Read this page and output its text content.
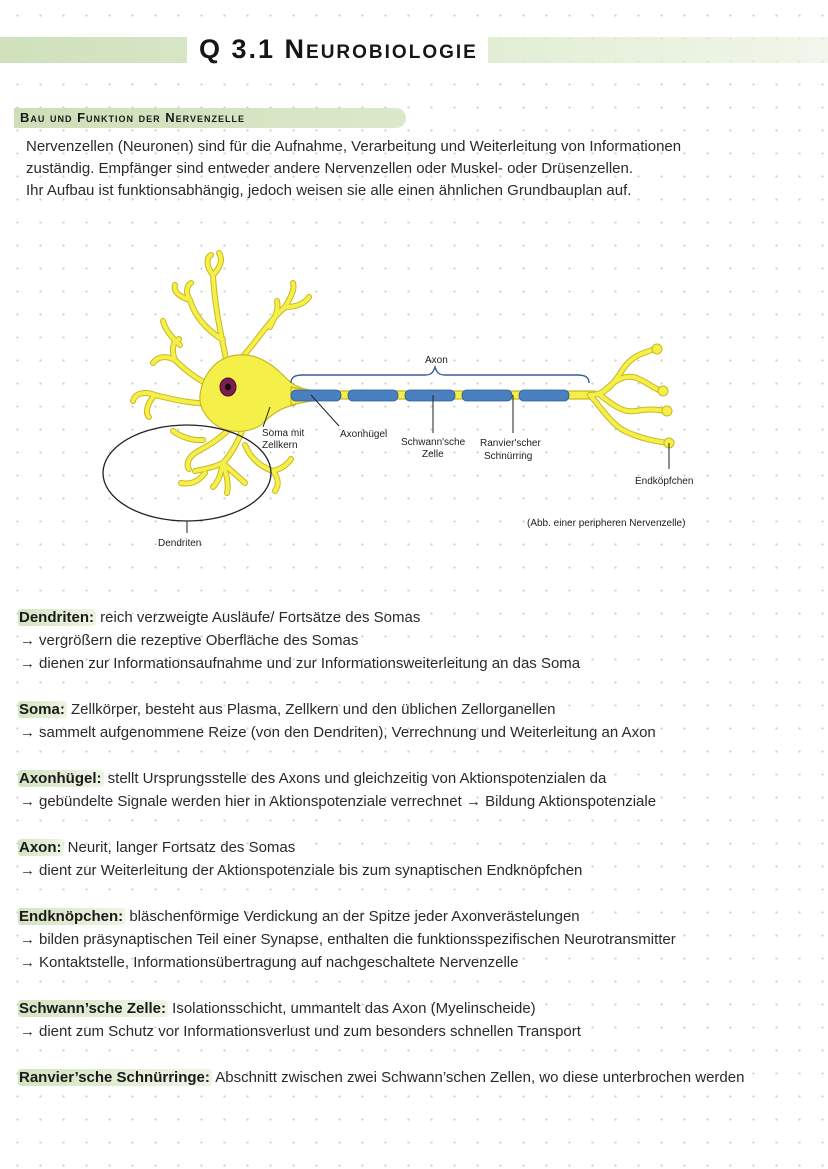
Q 3.1 Neurobiologie
Bau und Funktion der Nervenzelle

Nervenzellen (Neuronen) sind für die Aufnahme, Verarbeitung und Weiterleitung von Informationen

zuständig. Empfänger sind entweder andere Nervenzellen oder Muskel- oder Drüsenzellen.

Ihr Aufbau ist funktionsabhängig, jedoch weisen sie alle einen ähnlichen Grundbauplan auf.

Axon
Soma mit
Zellkern
Axonhügel
Schwann'sche
Zelle
Ranvier'scher
Schnürring
Endköpfchen
Dendriten
(Abb. einer peripheren Nervenzelle)

Dendriten: reich verzweigte Ausläufe/ Fortsätze des Somas

→ vergrößern die rezeptive Oberfläche des Somas

→ dienen zur Informationsaufnahme und zur Informationsweiterleitung an das Soma

Soma: Zellkörper, besteht aus Plasma, Zellkern und den üblichen Zellorganellen

→ sammelt aufgenommene Reize (von den Dendriten), Verrechnung und Weiterleitung an Axon

Axonhügel: stellt Ursprungsstelle des Axons und gleichzeitig von Aktionspotenzialen da

→ gebündelte Signale werden hier in Aktionspotenziale verrechnet → Bildung Aktionspotenziale

Axon: Neurit, langer Fortsatz des Somas

→ dient zur Weiterleitung der Aktionspotenziale bis zum synaptischen Endknöpfchen

Endknöpchen: bläschenförmige Verdickung an der Spitze jeder Axonverästelungen

→ bilden präsynaptischen Teil einer Synapse, enthalten die funktionsspezifischen Neurotransmitter

→ Kontaktstelle, Informationsübertragung auf nachgeschaltete Nervenzelle

Schwann’sche Zelle: Isolationsschicht, ummantelt das Axon (Myelinscheide)

→ dient zum Schutz vor Informationsverlust und zum besonders schnellen Transport

Ranvier’sche Schnürringe: Abschnitt zwischen zwei Schwann’schen Zellen, wo diese unterbrochen werden
